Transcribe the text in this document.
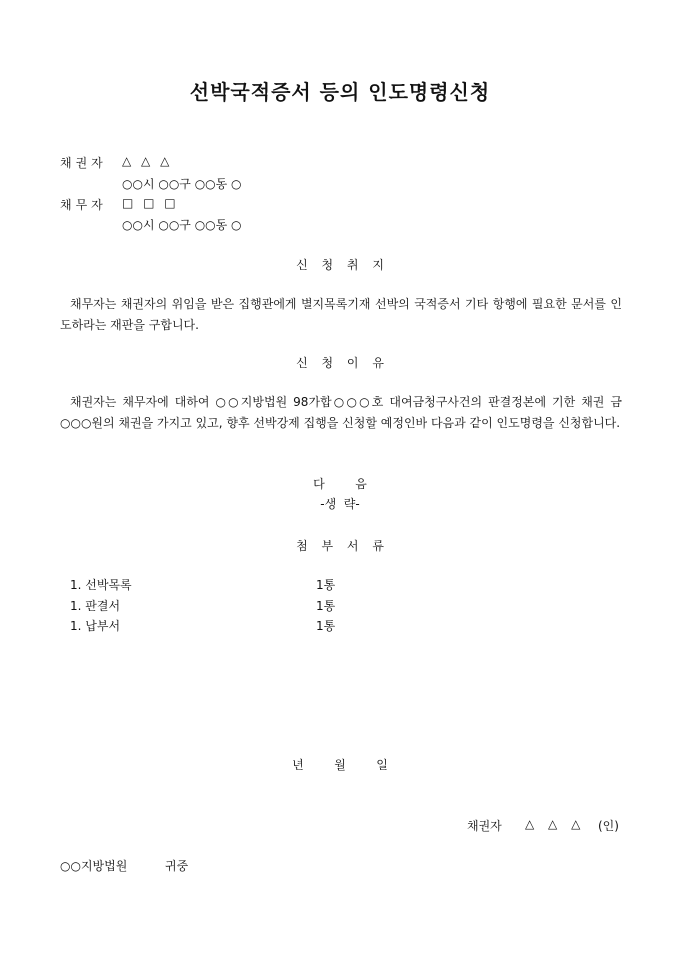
선박국적증서 등의 인도명령신청
채권자 △ △ △
○○시 ○○구 ○○동 ○
채무자 □ □ □
○○시 ○○구 ○○동 ○
신 청 취 지
채무자는 채권자의 위임을 받은 집행관에게 별지목록기재 선박의 국적증서 기타 항행에 필요한 문서를 인도하라는 재판을 구합니다.
신 청 이 유
채권자는 채무자에 대하여 ○○지방법원 98가합○○○호 대여금청구사건의 판결정본에 기한 채권 금 ○○○원의 채권을 가지고 있고, 향후 선박강제 집행을 신청할 예정인바 다음과 같이 인도명령을 신청합니다.
다        음
-생  략-
첨 부 서 류
1. 선박목록	1통
1. 판결서	1통
1. 납부서	1통
년        월        일
채권자 △ △ △ (인)
○○지방법원	귀중
